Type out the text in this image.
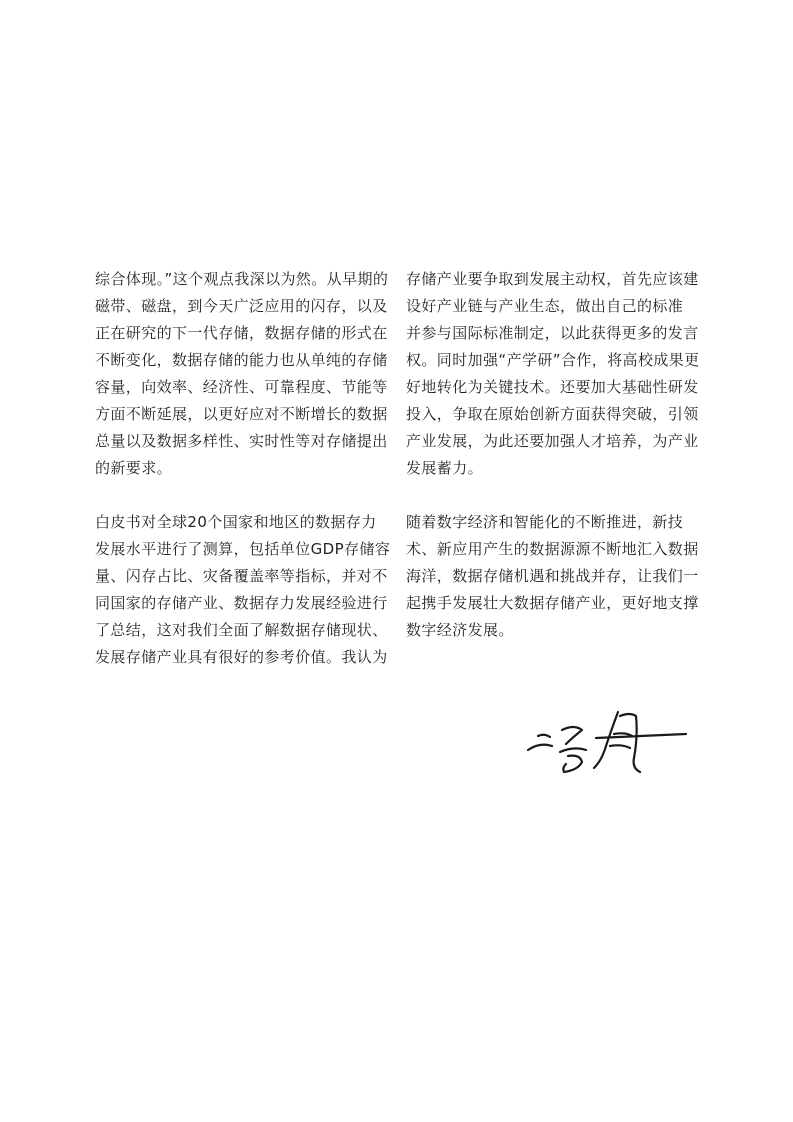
综合体现。”这个观点我深以为然。从早期的
磁带、磁盘，到今天广泛应用的闪存，以及
正在研究的下一代存储，数据存储的形式在
不断变化，数据存储的能力也从单纯的存储
容量，向效率、经济性、可靠程度、节能等
方面不断延展，以更好应对不断增长的数据
总量以及数据多样性、实时性等对存储提出
的新要求。
白皮书对全球20个国家和地区的数据存力
发展水平进行了测算，包括单位GDP存储容
量、闪存占比、灾备覆盖率等指标，并对不
同国家的存储产业、数据存力发展经验进行
了总结，这对我们全面了解数据存储现状、
发展存储产业具有很好的参考价值。我认为
存储产业要争取到发展主动权，首先应该建
设好产业链与产业生态，做出自己的标准
并参与国际标准制定，以此获得更多的发言
权。同时加强“产学研”合作，将高校成果更
好地转化为关键技术。还要加大基础性研发
投入，争取在原始创新方面获得突破，引领
产业发展，为此还要加强人才培养，为产业
发展蓄力。
随着数字经济和智能化的不断推进，新技
术、新应用产生的数据源源不断地汇入数据
海洋，数据存储机遇和挑战并存，让我们一
起携手发展壮大数据存储产业，更好地支撑
数字经济发展。
